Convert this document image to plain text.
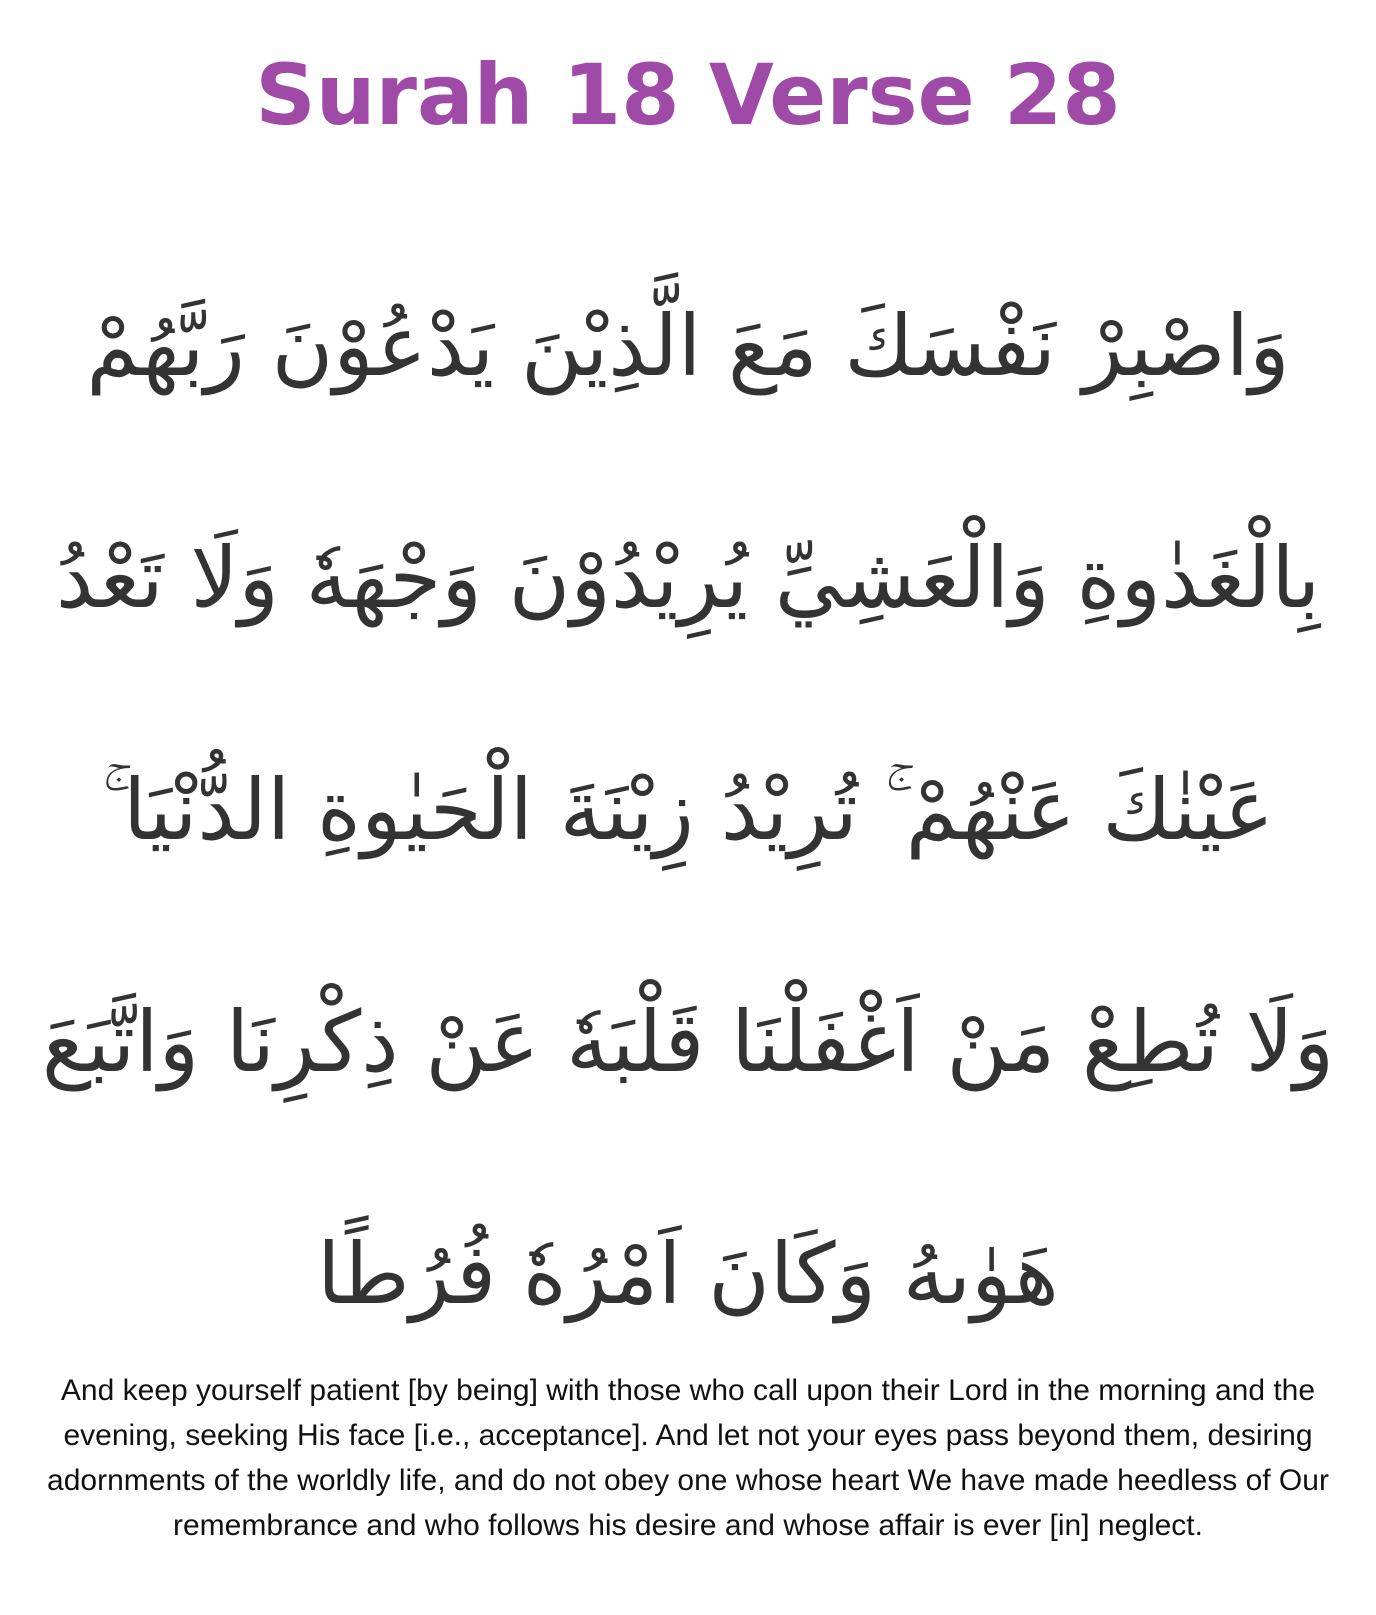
Surah 18 Verse 28
وَاصْبِرْ نَفْسَكَ مَعَ الَّذِيْنَ يَدْعُوْنَ رَبَّهُمْ
بِالْغَدٰوةِ وَالْعَشِيِّ يُرِيْدُوْنَ وَجْهَهٗ وَلَا تَعْدُ
عَيْنٰكَ عَنْهُمْ ۚ تُرِيْدُ زِيْنَةَ الْحَيٰوةِ الدُّنْيَا ۚ
وَلَا تُطِعْ مَنْ اَغْفَلْنَا قَلْبَهٗ عَنْ ذِكْرِنَا وَاتَّبَعَ
هَوٰىهُ وَكَانَ اَمْرُهٗ فُرُطًا
And keep yourself patient [by being] with those who call upon their Lord in the morning and the evening, seeking His face [i.e., acceptance]. And let not your eyes pass beyond them, desiring adornments of the worldly life, and do not obey one whose heart We have made heedless of Our remembrance and who follows his desire and whose affair is ever [in] neglect.
